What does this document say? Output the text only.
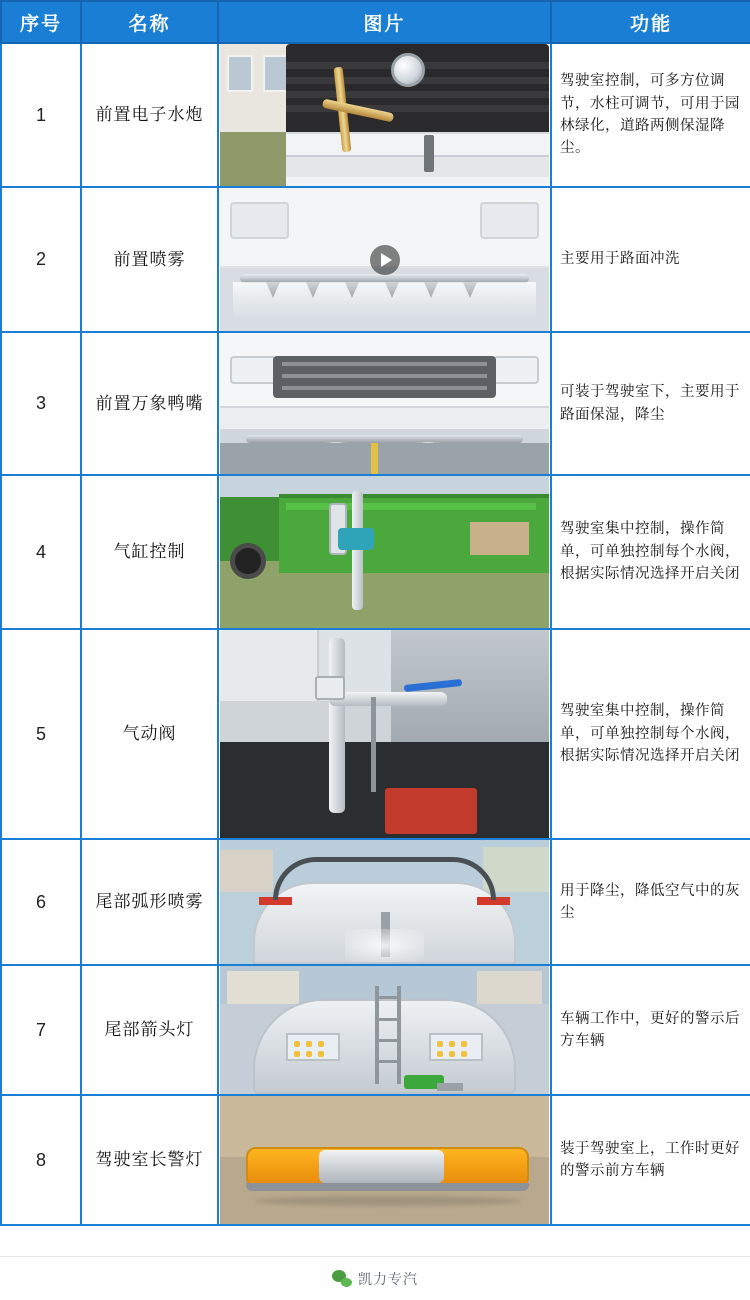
序号	名称	图片	功能
1	前置电子水炮		驾驶室控制，可多方位调节，水柱可调节，可用于园林绿化，道路两侧保湿降尘。
2	前置喷雾		主要用于路面冲洗
3	前置万象鸭嘴		可装于驾驶室下，主要用于路面保湿，降尘
4	气缸控制		驾驶室集中控制，操作简单，可单独控制每个水阀，根据实际情况选择开启关闭
5	气动阀		驾驶室集中控制，操作简单，可单独控制每个水阀，根据实际情况选择开启关闭
6	尾部弧形喷雾		用于降尘，降低空气中的灰尘
7	尾部箭头灯		车辆工作中，更好的警示后方车辆
8	驾驶室长警灯		装于驾驶室上，工作时更好的警示前方车辆
凯力专汽
